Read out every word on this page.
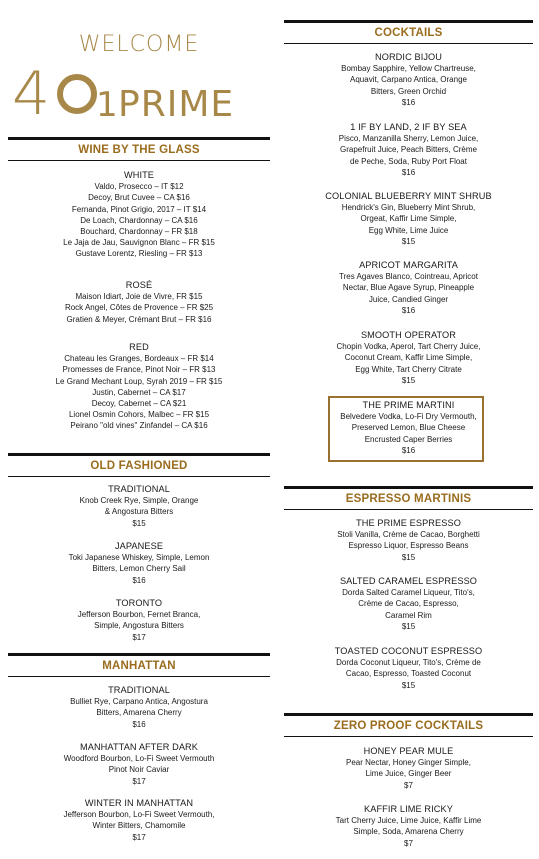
WELCOME
4 1 PRIME
WINE BY THE GLASS
WHITE
Valdo, Prosecco – IT $12
Decoy, Brut Cuvee – CA $16
Fernanda, Pinot Grigio, 2017 – IT $14
De Loach, Chardonnay – CA $16
Bouchard, Chardonnay – FR $18
Le Jaja de Jau, Sauvignon Blanc – FR $15
Gustave Lorentz, Riesling – FR $13
ROSÉ
Maison Idiart, Joie de Vivre, FR $15
Rock Angel, Côtes de Provence – FR $25
Gratien & Meyer, Crémant Brut – FR $16
RED
Chateau les Granges, Bordeaux – FR $14
Promesses de France, Pinot Noir – FR $13
Le Grand Mechant Loup, Syrah 2019 – FR $15
Justin, Cabernet – CA $17
Decoy, Cabernet – CA $21
Lionel Osmin Cohors, Malbec – FR $15
Peirano "old vines" Zinfandel – CA $16
OLD FASHIONED
TRADITIONAL
Knob Creek Rye, Simple, Orange
& Angostura Bitters
$15
JAPANESE
Toki Japanese Whiskey, Simple, Lemon
Bitters, Lemon Cherry Sail
$16
TORONTO
Jefferson Bourbon, Fernet Branca,
Simple, Angostura Bitters
$17
MANHATTAN
TRADITIONAL
Bulliet Rye, Carpano Antica, Angostura
Bitters, Amarena Cherry
$16
MANHATTAN AFTER DARK
Woodford Bourbon, Lo-Fi Sweet Vermouth
Pinot Noir Caviar
$17
WINTER IN MANHATTAN
Jefferson Bourbon, Lo-Fi Sweet Vermouth,
Winter Bitters, Chamomile
$17
COCKTAILS
NORDIC BIJOU
Bombay Sapphire, Yellow Chartreuse,
Aquavit, Carpano Antica, Orange
Bitters, Green Orchid
$16
1 IF BY LAND, 2 IF BY SEA
Pisco, Manzanilla Sherry, Lemon Juice,
Grapefruit Juice, Peach Bitters, Crème
de Peche, Soda, Ruby Port Float
$16
COLONIAL BLUEBERRY MINT SHRUB
Hendrick's Gin, Blueberry Mint Shrub,
Orgeat, Kaffir Lime Simple,
Egg White, Lime Juice
$15
APRICOT MARGARITA
Tres Agaves Blanco, Cointreau, Apricot
Nectar, Blue Agave Syrup, Pineapple
Juice, Candied Ginger
$16
SMOOTH OPERATOR
Chopin Vodka, Aperol, Tart Cherry Juice,
Coconut Cream, Kaffir Lime Simple,
Egg White, Tart Cherry Citrate
$15
THE PRIME MARTINI
Belvedere Vodka, Lo-Fi Dry Vermouth,
Preserved Lemon, Blue Cheese
Encrusted Caper Berries
$16
ESPRESSO MARTINIS
THE PRIME ESPRESSO
Stoli Vanilla, Crème de Cacao, Borghetti
Espresso Liquor, Espresso Beans
$15
SALTED CARAMEL ESPRESSO
Dorda Salted Caramel Liqueur, Tito's,
Crème de Cacao, Espresso,
Caramel Rim
$15
TOASTED COCONUT ESPRESSO
Dorda Coconut Liqueur, Tito's, Crème de
Cacao, Espresso, Toasted Coconut
$15
ZERO PROOF COCKTAILS
HONEY PEAR MULE
Pear Nectar, Honey Ginger Simple,
Lime Juice, Ginger Beer
$7
KAFFIR LIME RICKY
Tart Cherry Juice, Lime Juice, Kaffir Lime
Simple, Soda, Amarena Cherry
$7
